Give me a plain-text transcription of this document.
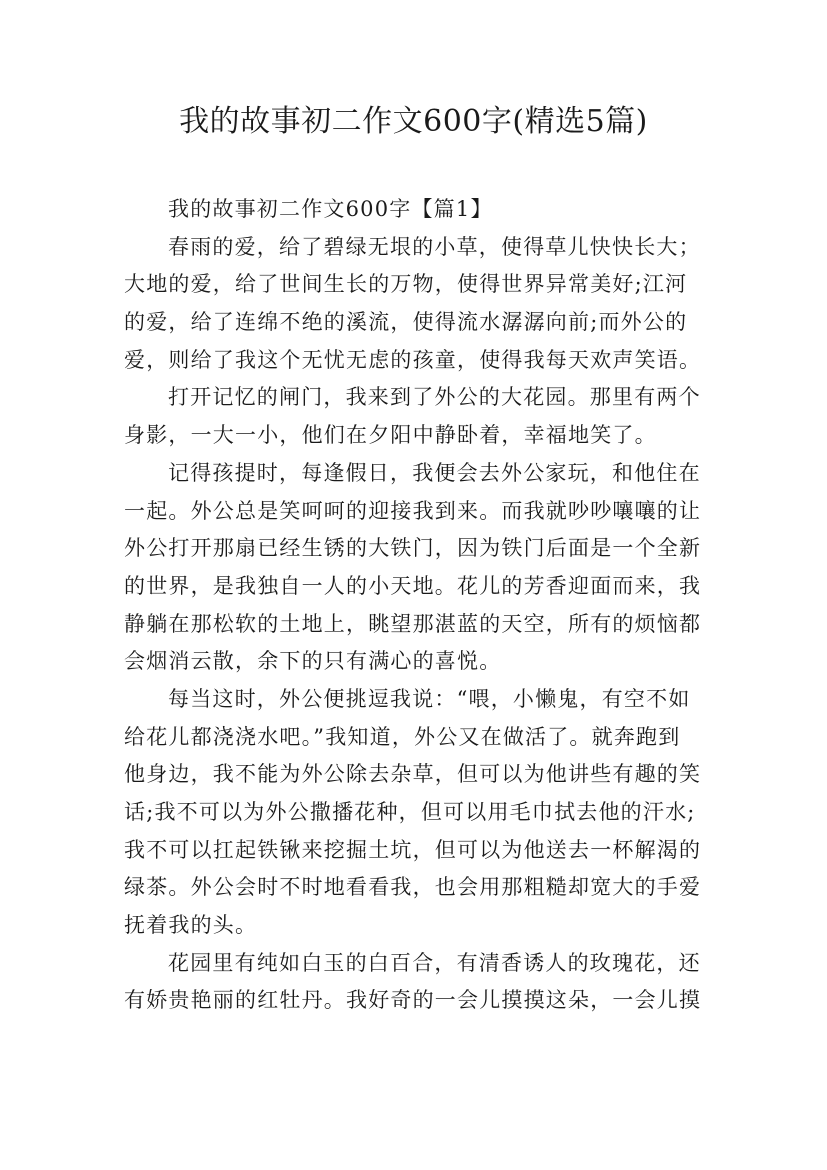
我的故事初二作文600字(精选5篇)
我的故事初二作文600字【篇1】
春雨的爱，给了碧绿无垠的小草，使得草儿快快长大；
大地的爱，给了世间生长的万物，使得世界异常美好;江河
的爱，给了连绵不绝的溪流，使得流水潺潺向前;而外公的
爱，则给了我这个无忧无虑的孩童，使得我每天欢声笑语。
打开记忆的闸门，我来到了外公的大花园。那里有两个
身影，一大一小，他们在夕阳中静卧着，幸福地笑了。
记得孩提时，每逢假日，我便会去外公家玩，和他住在
一起。外公总是笑呵呵的迎接我到来。而我就吵吵嚷嚷的让
外公打开那扇已经生锈的大铁门，因为铁门后面是一个全新
的世界，是我独自一人的小天地。花儿的芳香迎面而来，我
静躺在那松软的土地上，眺望那湛蓝的天空，所有的烦恼都
会烟消云散，余下的只有满心的喜悦。
每当这时，外公便挑逗我说：“喂，小懒鬼，有空不如
给花儿都浇浇水吧。”我知道，外公又在做活了。就奔跑到
他身边，我不能为外公除去杂草，但可以为他讲些有趣的笑
话;我不可以为外公撒播花种，但可以用毛巾拭去他的汗水;
我不可以扛起铁锹来挖掘土坑，但可以为他送去一杯解渴的
绿茶。外公会时不时地看看我，也会用那粗糙却宽大的手爱
抚着我的头。
花园里有纯如白玉的白百合，有清香诱人的玫瑰花，还
有娇贵艳丽的红牡丹。我好奇的一会儿摸摸这朵，一会儿摸
